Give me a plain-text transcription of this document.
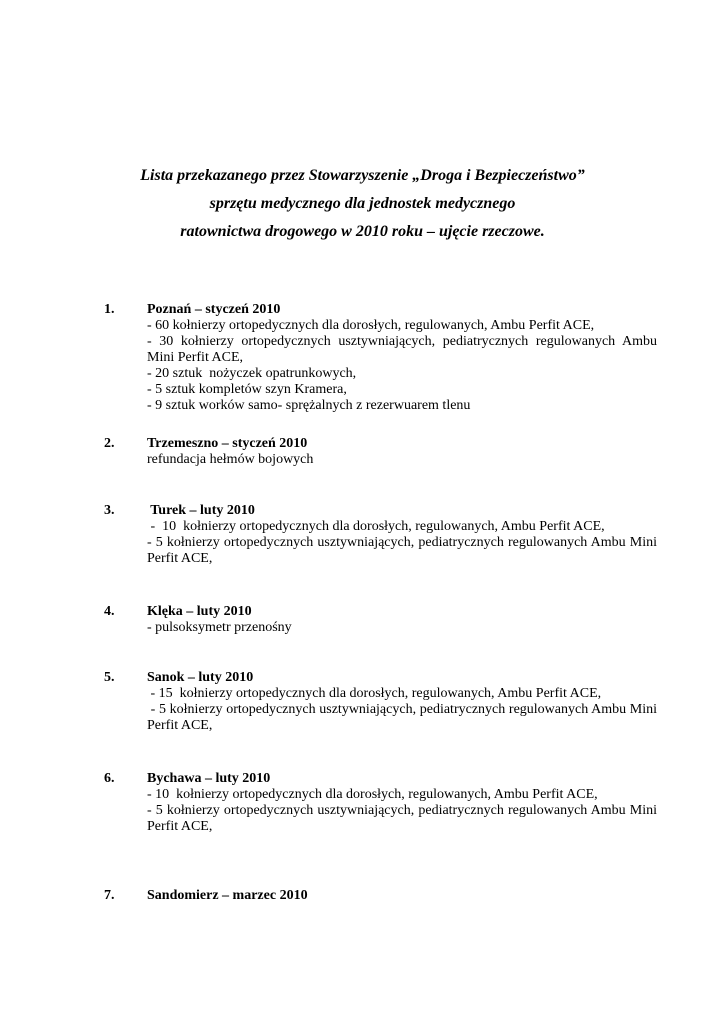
Lista przekazanego przez Stowarzyszenie „Droga i Bezpieczeństwo”
sprzętu medycznego dla jednostek medycznego
ratownictwa drogowego w 2010 roku – ujęcie rzeczowe.
1. Poznań – styczeń 2010
- 60 kołnierzy ortopedycznych dla dorosłych, regulowanych, Ambu Perfit ACE,
- 30 kołnierzy ortopedycznych usztywniających, pediatrycznych regulowanych Ambu Mini Perfit ACE,
- 20 sztuk  nożyczek opatrunkowych,
- 5 sztuk kompletów szyn Kramera,
- 9 sztuk worków samo- sprężalnych z rezerwuarem tlenu
2. Trzemeszno – styczeń 2010
refundacja hełmów bojowych
3. Turek – luty 2010
-  10  kołnierzy ortopedycznych dla dorosłych, regulowanych, Ambu Perfit ACE,
- 5 kołnierzy ortopedycznych usztywniających, pediatrycznych regulowanych Ambu Mini Perfit ACE,
4. Klęka – luty 2010
- pulsoksymetr przenośny
5. Sanok – luty 2010
- 15  kołnierzy ortopedycznych dla dorosłych, regulowanych, Ambu Perfit ACE,
- 5 kołnierzy ortopedycznych usztywniających, pediatrycznych regulowanych Ambu Mini Perfit ACE,
6. Bychawa – luty 2010
- 10  kołnierzy ortopedycznych dla dorosłych, regulowanych, Ambu Perfit ACE,
- 5 kołnierzy ortopedycznych usztywniających, pediatrycznych regulowanych Ambu Mini Perfit ACE,
7. Sandomierz – marzec 2010
